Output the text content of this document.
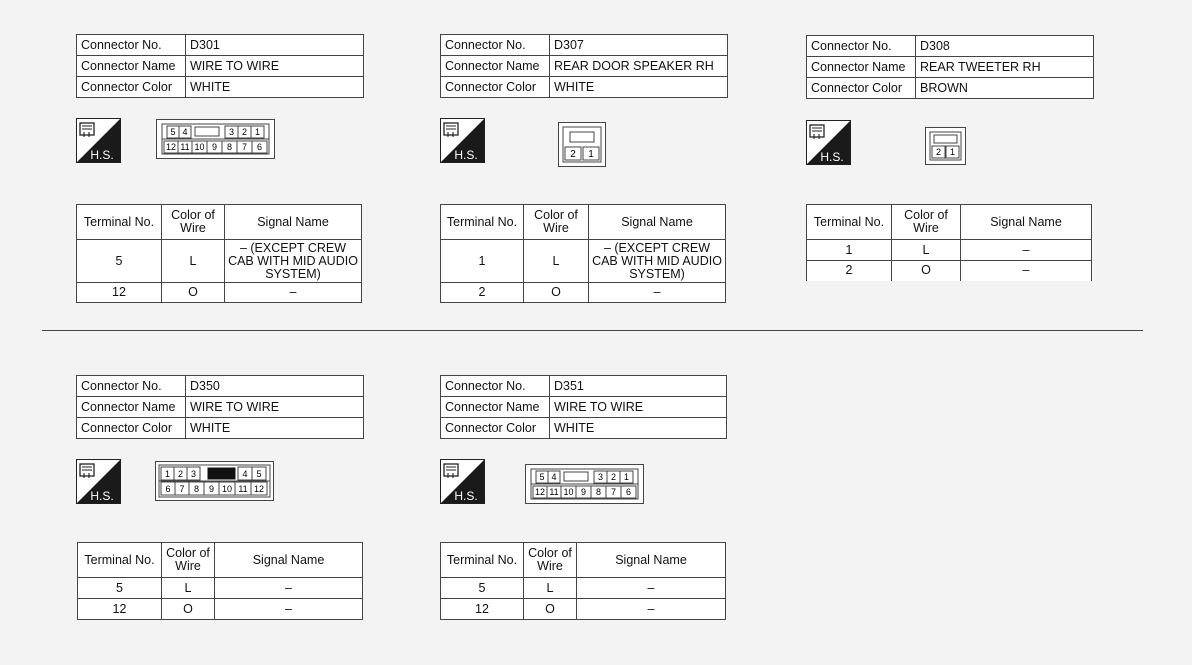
Connector No.	D301
Connector Name	WIRE TO WIRE
Connector Color	WHITE
H.S.
5 4	3 2 1
12 11 10 9 8 7 6
Terminal No.	Color of Wire	Signal Name
5	L	– (EXCEPT CREW CAB WITH MID AUDIO SYSTEM)
12	O	–
Connector No.	D307
Connector Name	REAR DOOR SPEAKER RH
Connector Color	WHITE
H.S.	2 1
Terminal No.	Color of Wire	Signal Name
1	L	– (EXCEPT CREW CAB WITH MID AUDIO SYSTEM)
2	O	–
Connector No.	D308
Connector Name	REAR TWEETER RH
Connector Color	BROWN
H.S.	2 1
Terminal No.	Color of Wire	Signal Name
1	L	–
2	O	–
Connector No.	D350
Connector Name	WIRE TO WIRE
Connector Color	WHITE
H.S.
1 2 3	4 5
6 7 8 9 10 11 12
Terminal No.	Color of Wire	Signal Name
5	L	–
12	O	–
Connector No.	D351
Connector Name	WIRE TO WIRE
Connector Color	WHITE
H.S.
5 4	3 2 1
12 11 10 9 8 7 6
Terminal No.	Color of Wire	Signal Name
5	L	–
12	O	–
